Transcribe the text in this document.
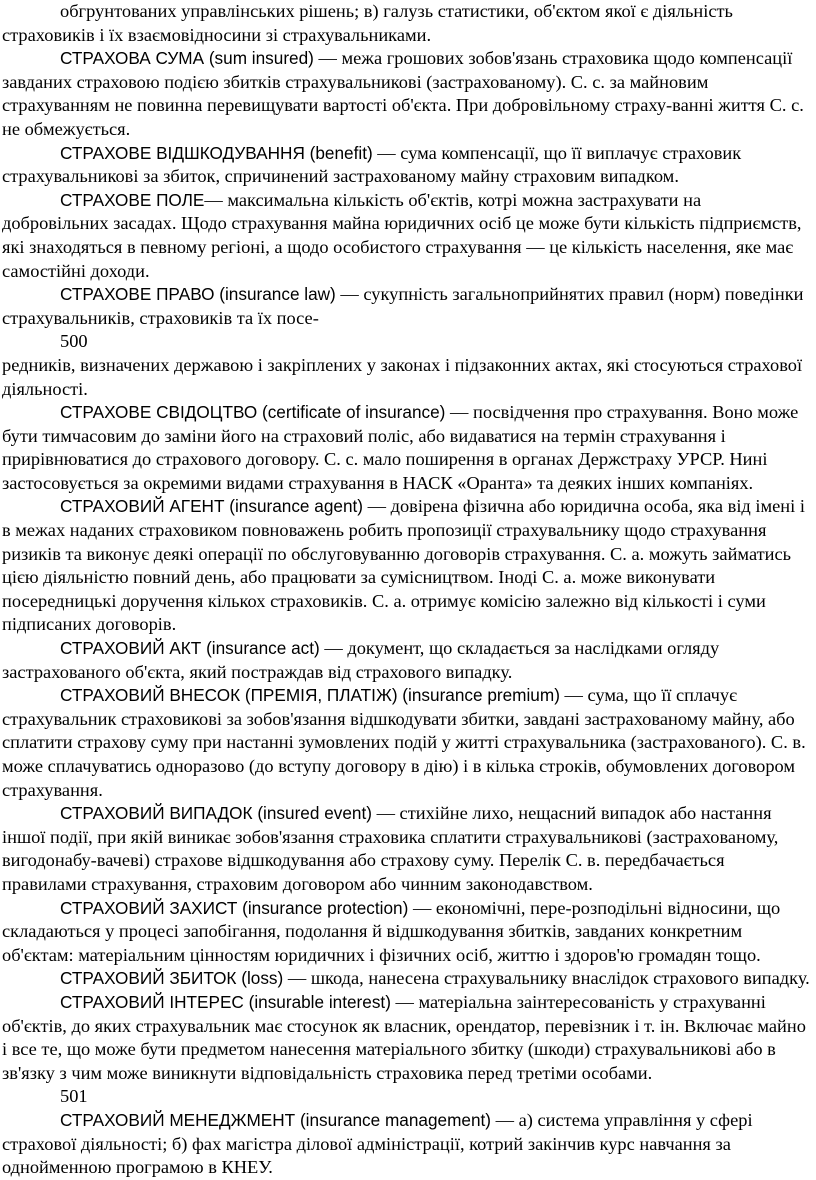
обгрунтованих управлінських рішень; в) галузь статистики, об'єктом якої є діяльність страховиків і їх взаємовідносини зі страхувальниками.

СТРАХОВА СУМА (sum insured) — межа грошових зобов'язань страховика щодо компенсації завданих страховою подією збитків страхувальникові (застрахованому). С. с. за майновим страхуванням не повинна перевищувати вартості об'єкта. При добровільному страху-ванні життя С. с. не обмежується.

СТРАХОВЕ ВІДШКОДУВАННЯ (benefit) — сума компенсації, що її виплачує страховик страхувальникові за збиток, спричинений застрахованому майну страховим випадком.

СТРАХОВЕ ПОЛЕ— максимальна кількість об'єктів, котрі можна застрахувати на добровільних засадах. Щодо страхування майна юридичних осіб це може бути кількість підприємств, які знаходяться в певному регіоні, а щодо особистого страхування — це кількість населення, яке має самостійні доходи.

СТРАХОВЕ ПРАВО (insurance law) — сукупність загальноприйнятих правил (норм) поведінки страхувальників, страховиків та їх посе-

500

редників, визначених державою і закріплених у законах і підзаконних актах, які стосуються страхової діяльності.

СТРАХОВЕ СВІДОЦТВО (certificate of insurance) — посвідчення про страхування. Воно може бути тимчасовим до заміни його на страховий поліс, або видаватися на термін страхування і прирівнюватися до страхового договору. С. с. мало поширення в органах Держстраху УРСР. Нині застосовується за окремими видами страхування в НАСК «Оранта» та деяких інших компаніях.

СТРАХОВИЙ АГЕНТ (insurance agent) — довірена фізична або юридична особа, яка від імені і в межах наданих страховиком повноважень робить пропозиції страхувальнику щодо страхування ризиків та виконує деякі операції по обслуговуванню договорів страхування. С. а. можуть займатись цією діяльністю повний день, або працювати за сумісництвом. Іноді С. а. може виконувати посередницькі доручення кількох страховиків. С. а. отримує комісію залежно від кількості і суми підписаних договорів.

СТРАХОВИЙ АКТ (insurance act) — документ, що складається за наслідками огляду застрахованого об'єкта, який постраждав від страхового випадку.

СТРАХОВИЙ ВНЕСОК (ПРЕМІЯ, ПЛАТІЖ) (insurance premium) — сума, що її сплачує страхувальник страховикові за зобов'язання відшкодувати збитки, завдані застрахованому майну, або сплатити страхову суму при настанні зумовлених подій у житті страхувальника (застрахованого). С. в. може сплачуватись одноразово (до вступу договору в дію) і в кілька строків, обумовлених договором страхування.

СТРАХОВИЙ ВИПАДОК (insured event) — стихійне лихо, нещасний випадок або настання іншої події, при якій виникає зобов'язання страховика сплатити страхувальникові (застрахованому, вигодонабу-вачеві) страхове відшкодування або страхову суму. Перелік С. в. передбачається правилами страхування, страховим договором або чинним законодавством.

СТРАХОВИЙ ЗАХИСТ (insurance protection) — економічні, пере-розподільні відносини, що складаються у процесі запобігання, подолання й відшкодування збитків, завданих конкретним об'єктам: матеріальним цінностям юридичних і фізичних осіб, життю і здоров'ю громадян тощо.

СТРАХОВИЙ ЗБИТОК (loss) — шкода, нанесена страхувальнику внаслідок страхового випадку.

СТРАХОВИЙ ІНТЕРЕС (insurable interest) — матеріальна заінтересованість у страхуванні об'єктів, до яких страхувальник має стосунок як власник, орендатор, перевізник і т. ін. Включає майно і все те, що може бути предметом нанесення матеріального збитку (шкоди) страхувальникові або в зв'язку з чим може виникнути відповідальність страховика перед третіми особами.

501

СТРАХОВИЙ МЕНЕДЖМЕНТ (insurance management) — а) система управління у сфері страхової діяльності; б) фах магістра ділової адміністрації, котрий закінчив курс навчання за однойменною програмою в КНЕУ.
